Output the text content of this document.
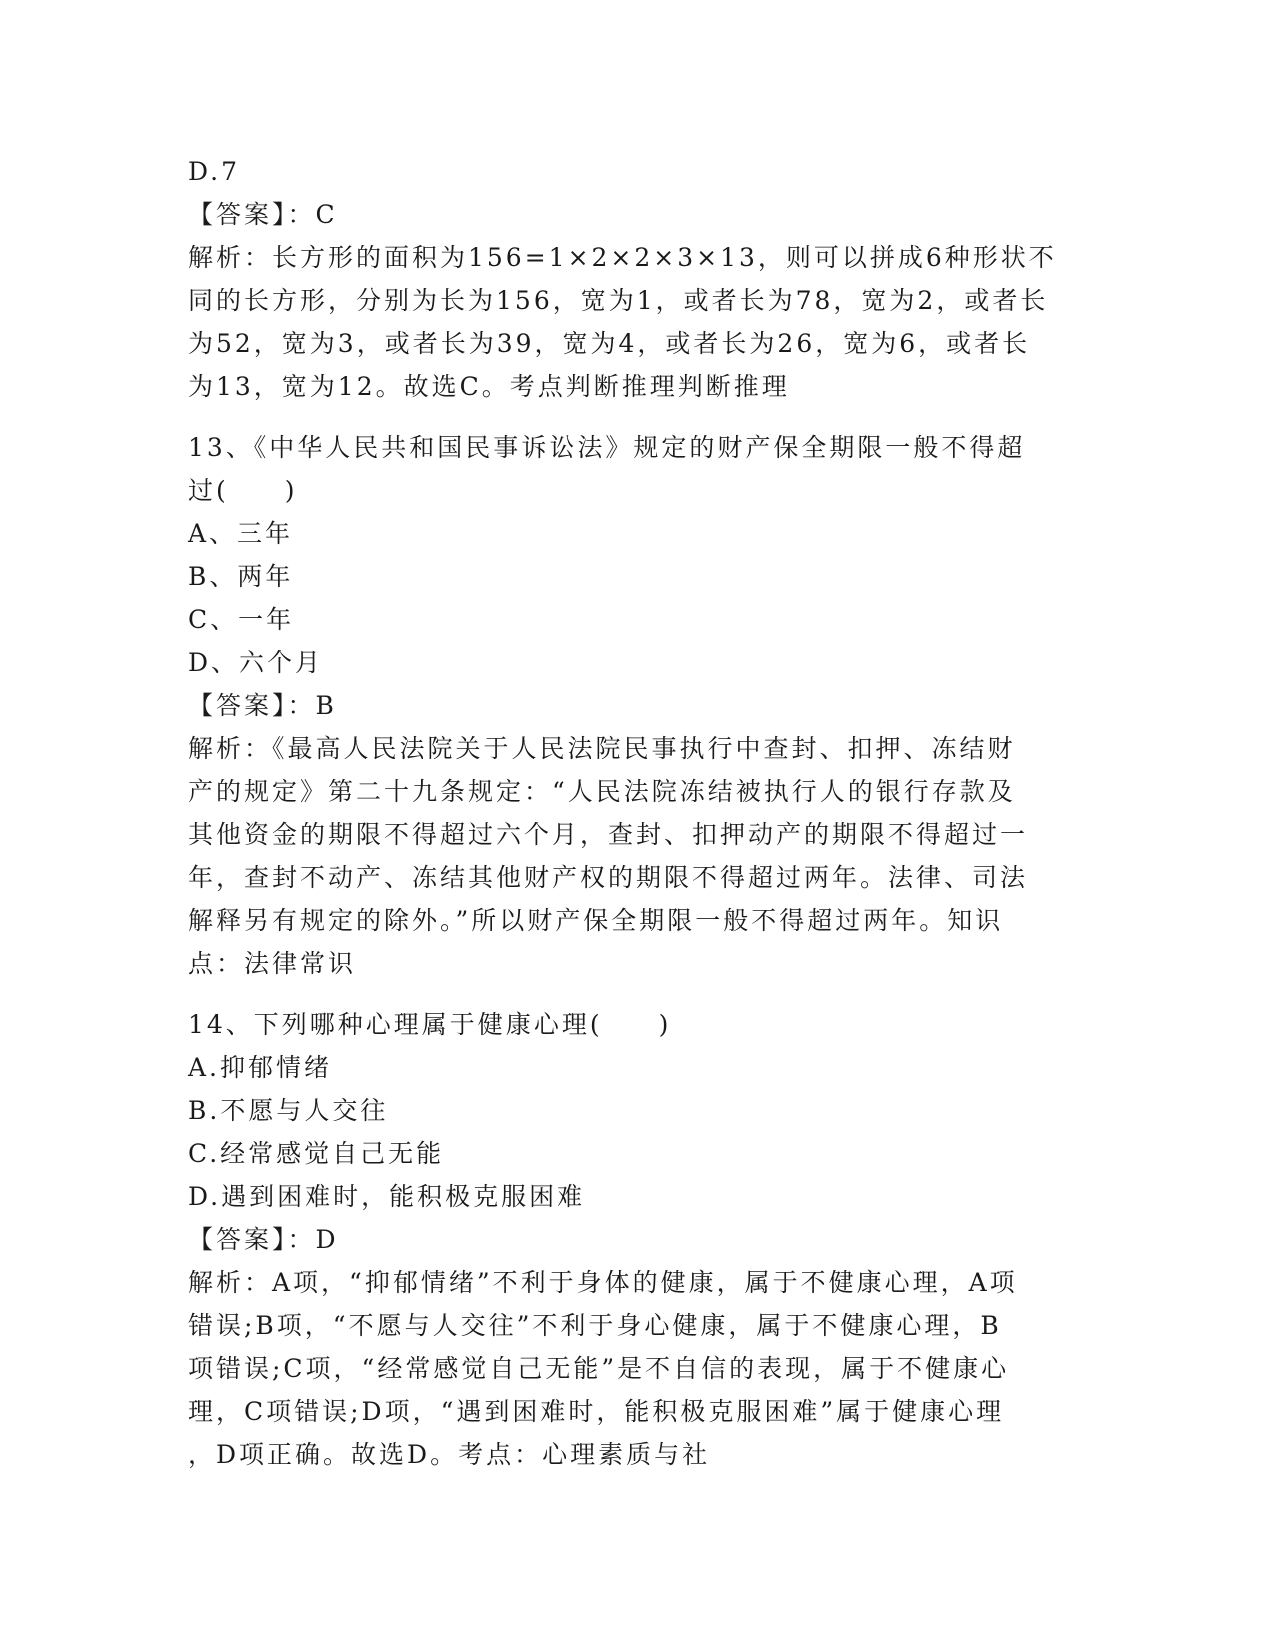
D.7
【答案】：C
解析：长方形的面积为156=1×2×2×3×13，则可以拼成6种形状不
同的长方形，分别为长为156，宽为1，或者长为78，宽为2，或者长
为52，宽为3，或者长为39，宽为4，或者长为26，宽为6，或者长
为13，宽为12。故选C。考点判断推理判断推理
13、《中华人民共和国民事诉讼法》规定的财产保全期限一般不得超
过(　　)
A、三年
B、两年
C、一年
D、六个月
【答案】：B
解析：《最高人民法院关于人民法院民事执行中查封、扣押、冻结财
产的规定》第二十九条规定：“人民法院冻结被执行人的银行存款及
其他资金的期限不得超过六个月，查封、扣押动产的期限不得超过一
年，查封不动产、冻结其他财产权的期限不得超过两年。法律、司法
解释另有规定的除外。”所以财产保全期限一般不得超过两年。知识
点：法律常识
14、下列哪种心理属于健康心理(　　)
A.抑郁情绪
B.不愿与人交往
C.经常感觉自己无能
D.遇到困难时，能积极克服困难
【答案】：D
解析：A项，“抑郁情绪”不利于身体的健康，属于不健康心理，A项
错误;B项，“不愿与人交往”不利于身心健康，属于不健康心理，B
项错误;C项，“经常感觉自己无能”是不自信的表现，属于不健康心
理，C项错误;D项，“遇到困难时，能积极克服困难”属于健康心理
，D项正确。故选D。考点：心理素质与社
